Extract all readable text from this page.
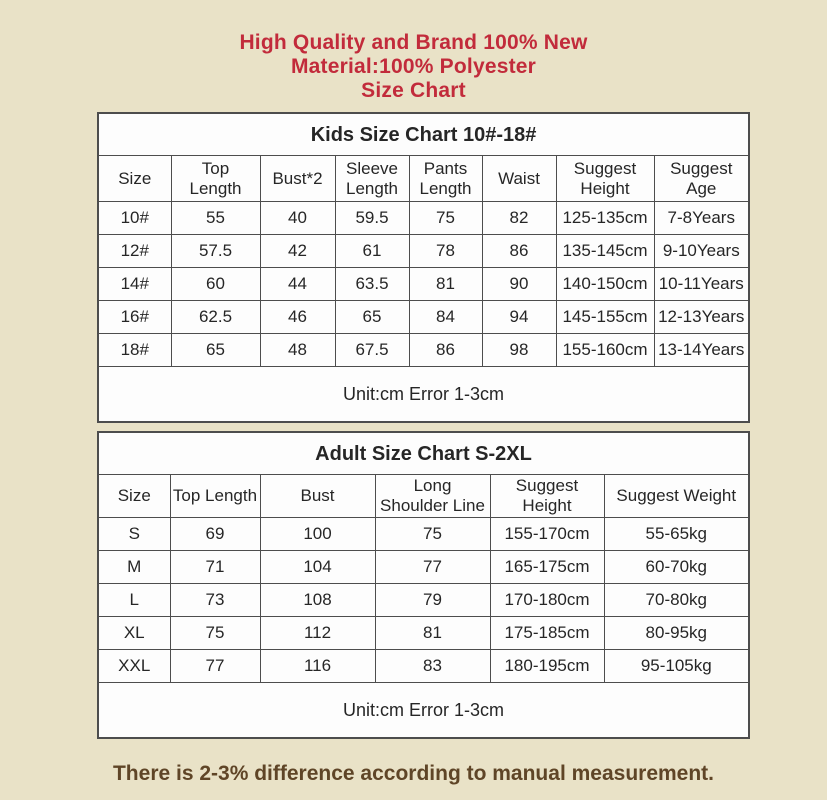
High Quality and Brand 100% New
Material:100% Polyester
Size Chart
Kids Size Chart 10#-18#							
Size	Top Length	Bust*2	Sleeve Length	Pants Length	Waist	Suggest Height	Suggest Age
10#	55	40	59.5	75	82	125-135cm	7-8Years
12#	57.5	42	61	78	86	135-145cm	9-10Years
14#	60	44	63.5	81	90	140-150cm	10-11Years
16#	62.5	46	65	84	94	145-155cm	12-13Years
18#	65	48	67.5	86	98	155-160cm	13-14Years
Unit:cm Error 1-3cm							
Adult Size Chart S-2XL					
Size	Top Length	Bust	Long Shoulder Line	Suggest Height	Suggest Weight
S	69	100	75	155-170cm	55-65kg
M	71	104	77	165-175cm	60-70kg
L	73	108	79	170-180cm	70-80kg
XL	75	112	81	175-185cm	80-95kg
XXL	77	116	83	180-195cm	95-105kg
Unit:cm Error 1-3cm					
There is 2-3% difference according to manual measurement.
